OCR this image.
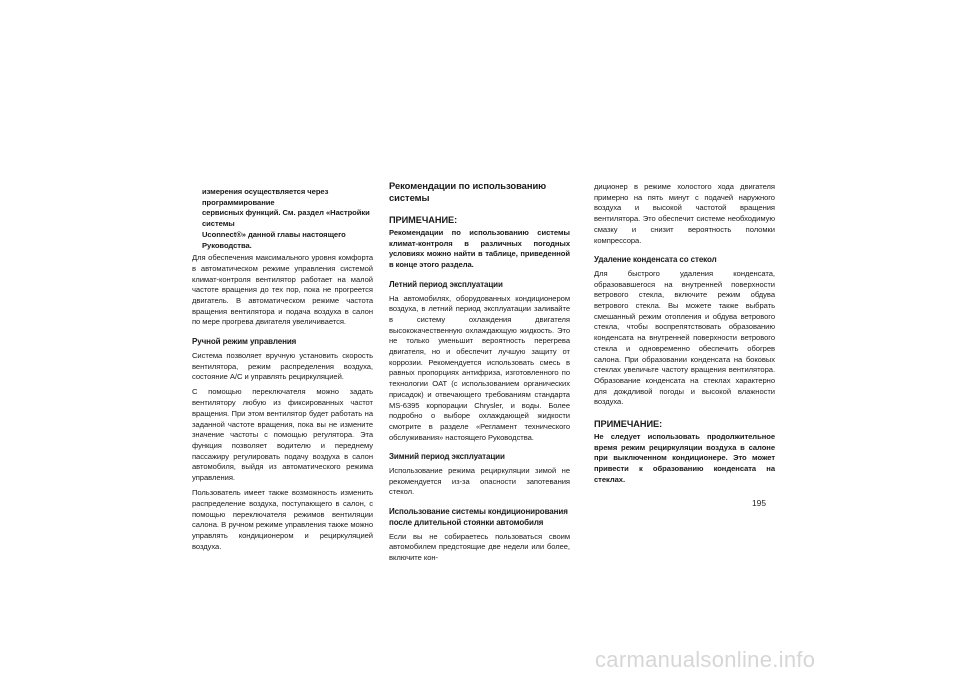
измерения осуществляется через программирование
сервисных функций. См. раздел «Настройки системы
Uconnect®» данной главы настоящего Руководства.

Для обеспечения максимального уровня комфорта в автоматическом режиме управления системой климат-контроля вентилятор работает на малой частоте вращения до тех пор, пока не прогреется двигатель. В автоматическом режиме частота вращения вентилятора и подача воздуха в салон по мере прогрева двигателя увеличивается.

Ручной режим управления

Система позволяет вручную установить скорость вентилятора, режим распределения воздуха, состояние A/C и управлять рециркуляцией.

С помощью переключателя можно задать вентилятору любую из фиксированных частот вращения. При этом вентилятор будет работать на заданной частоте вращения, пока вы не измените значение частоты с помощью регулятора. Эта функция позволяет водителю и переднему пассажиру регулировать подачу воздуха в салон автомобиля, выйдя из автоматического режима управления.

Пользователь имеет также возможность изменить распределение воздуха, поступающего в салон, с помощью переключателя режимов вентиляции салона. В ручном режиме управления также можно управлять кондиционером и рециркуляцией воздуха.

Рекомендации по использованию системы
ПРИМЕЧАНИЕ:

Рекомендации по использованию системы климат-контроля в различных погодных условиях можно найти в таблице, приведенной в конце этого раздела.

Летний период эксплуатации

На автомобилях, оборудованных кондиционером воздуха, в летний период эксплуатации заливайте в систему охлаждения двигателя высококачественную охлаждающую жидкость. Это не только уменьшит вероятность перегрева двигателя, но и обеспечит лучшую защиту от коррозии. Рекомендуется использовать смесь в равных пропорциях антифриза, изготовленного по технологии OAT (с использованием органических присадок) и отвечающего требованиям стандарта MS-6395 корпорации Chrysler, и воды. Более подробно о выборе охлаждающей жидкости смотрите в разделе «Регламент технического обслуживания» настоящего Руководства.

Зимний период эксплуатации

Использование режима рециркуляции зимой не рекомендуется из-за опасности запотевания стекол.

Использование системы кондиционирования после длительной стоянки автомобиля

Если вы не собираетесь пользоваться своим автомобилем предстоящие две недели или более, включите кон-

диционер в режиме холостого хода двигателя примерно на пять минут с подачей наружного воздуха и высокой частотой вращения вентилятора. Это обеспечит системе необходимую смазку и снизит вероятность поломки компрессора.

Удаление конденсата со стекол

Для быстрого удаления конденсата, образовавшегося на внутренней поверхности ветрового стекла, включите режим обдува ветрового стекла. Вы можете также выбрать смешанный режим отопления и обдува ветрового стекла, чтобы воспрепятствовать образованию конденсата на внутренней поверхности ветрового стекла и одновременно обеспечить обогрев салона. При образовании конденсата на боковых стеклах увеличьте частоту вращения вентилятора. Образование конденсата на стеклах характерно для дождливой погоды и высокой влажности воздуха.

ПРИМЕЧАНИЕ:

Не следует использовать продолжительное время режим рециркуляции воздуха в салоне при выключенном кондиционере. Это может привести к образованию конденсата на стеклах.

195
carmanualsonline.info
